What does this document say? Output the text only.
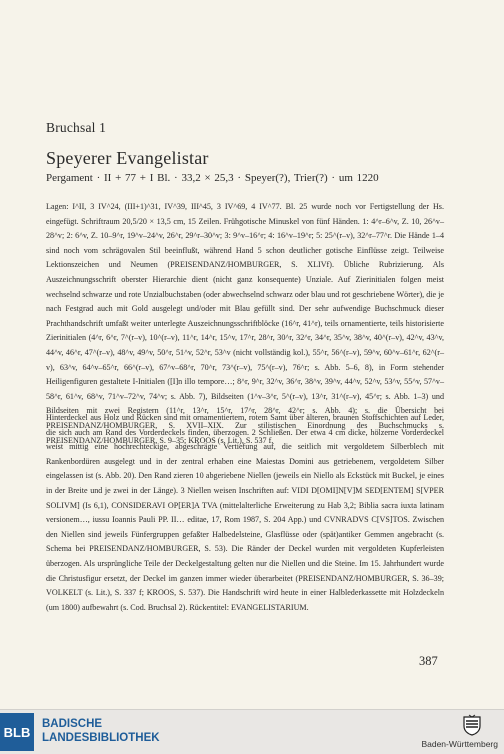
Bruchsal 1
Speyerer Evangelistar
Pergament · II + 77 + I Bl. · 33,2 × 25,3 · Speyer(?), Trier(?) · um 1220

Lagen: I^II, 3 IV^24, (III+1)^31, IV^39, III^45, 3 IV^69, 4 IV^77. Bl. 25 wurde noch vor Fertigstellung der Hs. eingefügt. Schriftraum 20,5/20 × 13,5 cm, 15 Zeilen. Frühgotische Minuskel von fünf Händen. 1: 4^r–6^v, Z. 10, 26^v–28^v; 2: 6^v, Z. 10–9^r, 19^v–24^v, 26^r, 29^r–30^v; 3: 9^v–16^r; 4: 16^v–19^r; 5: 25^(r–v), 32^r–77^r. Die Hände 1–4 sind noch vom schrägovalen Stil beeinflußt, während Hand 5 schon deutlicher gotische Einflüsse zeigt. Teilweise Lektionszeichen und Neumen (PREISENDANZ/HOMBURGER, S. XLIVf). Übliche Rubrizierung. Als Auszeichnungsschrift oberster Hierarchie dient (nicht ganz konsequente) Unziale. Auf Zierinitialen folgen meist wechselnd schwarze und rote Unzialbuchstaben (oder abwechselnd schwarz oder blau und rot geschriebene Wörter), die je nach Festgrad auch mit Gold ausgelegt und/oder mit Blau gefüllt sind. Der sehr aufwendige Buchschmuck dieser Prachthandschrift umfaßt weiter unterlegte Auszeichnungsschriftblöcke (16^r, 41^r), teils ornamentierte, teils historisierte Zierinitialen (4^r, 6^r, 7^(r–v), 10^(r–v), 11^r, 14^r, 15^v, 17^r, 28^r, 30^r, 32^r, 34^r, 35^v, 38^v, 40^(r–v), 42^v, 43^v, 44^v, 46^r, 47^(r–v), 48^v, 49^v, 50^r, 51^v, 52^r, 53^v (nicht vollständig kol.), 55^r, 56^(r–v), 59^v, 60^v–61^r, 62^(r–v), 63^v, 64^v–65^r, 66^(r–v), 67^v–68^r, 70^r, 73^(r–v), 75^(r–v), 76^r; s. Abb. 5–6, 8), in Form stehender Heiligenfiguren gestaltete I-Initialen ([I]n illo tempore…; 8^r, 9^r, 32^v, 36^r, 38^v, 39^v, 44^v, 52^v, 53^v, 55^v, 57^v–58^r, 61^v, 68^v, 71^v–72^v, 74^v; s. Abb. 7), Bildseiten (1^v–3^r, 5^(r–v), 13^r, 31^(r–v), 45^r; s. Abb. 1–3) und Bildseiten mit zwei Registern (11^r, 13^r, 15^r, 17^r, 28^r, 42^r; s. Abb. 4); s. die Übersicht bei PREISENDANZ/HOMBURGER, S. XVII–XIX. Zur stilistischen Einordnung des Buchschmucks s. PREISENDANZ/HOMBURGER, S. 9–35; KROOS (s. Lit.), S. 537 f.

Hinterdeckel aus Holz und Rücken sind mit ornamentiertem, rotem Samt über älteren, braunen Stoffschichten auf Leder, die sich auch am Rand des Vorderdeckels finden, überzogen. 2 Schließen. Der etwa 4 cm dicke, hölzerne Vorderdeckel weist mittig eine hochrechteckige, abgeschrägte Vertiefung auf, die seitlich mit vergoldetem Silberblech mit Rankenbordüren ausgelegt und in der zentral erhaben eine Maiestas Domini aus getriebenem, vergoldetem Silber eingelassen ist (s. Abb. 20). Den Rand zieren 10 abgeriebene Niellen (jeweils ein Niello als Eckstück mit Buckel, je eines in der Breite und je zwei in der Länge). 3 Niellen weisen Inschriften auf: VIDI D[OMI]N[V]M SED[ENTEM] S[VPER SOLIVM] (Is 6,1), CONSIDERAVI OP[ER]A TVA (mittelalterliche Erweiterung zu Hab 3,2; Biblia sacra iuxta latinam versionem…, iussu Ioannis Pauli PP. II… editae, 17, Rom 1987, S. 204 App.) und CVNRADVS C[VS]TOS. Zwischen den Niellen sind jeweils Fünfergruppen gefaßter Halbedelsteine, Glasflüsse oder (spät)antiker Gemmen angebracht (s. Schema bei PREISENDANZ/HOMBURGER, S. 53). Die Ränder der Deckel wurden mit vergoldeten Kupferleisten überzogen. Als ursprüngliche Teile der Deckelgestaltung gelten nur die Niellen und die Steine. Im 15. Jahrhundert wurde die Christusfigur ersetzt, der Deckel im ganzen immer wieder überarbeitet (PREISENDANZ/HOMBURGER, S. 36–39; VOLKELT (s. Lit.), S. 337 f; KROOS, S. 537). Die Handschrift wird heute in einer Halblederkassette mit Holzdeckeln (um 1800) aufbewahrt (s. Cod. Bruchsal 2). Rückentitel: EVANGELISTARIUM.

387
BLB
BADISCHE
LANDESBIBLIOTHEK	Baden-Württemberg
